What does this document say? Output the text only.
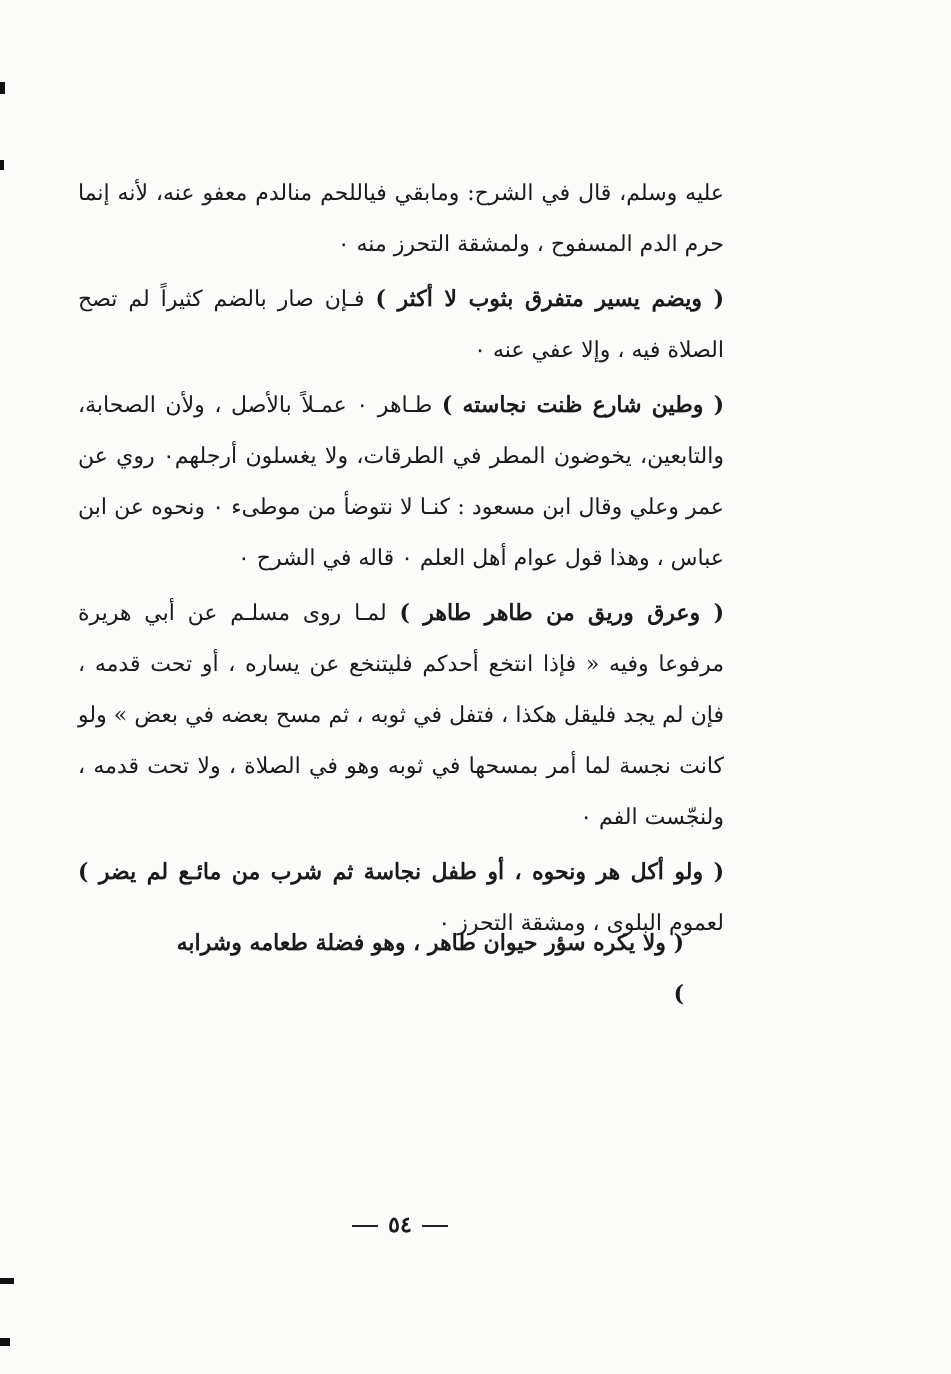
عليه وسلم، قال في الشرح: ومابقي فياللحم منالدم معفو عنه، لأنه إنما حرم الدم المسفوح ، ولمشقة التحرز منه ٠

( ويضم يسير متفرق بثوب لا أكثر ) فـإن صار بالضم كثيراً لم تصح الصلاة فيه ، وإلا عفي عنه ٠

( وطين شارع ظنت نجاسته ) طـاهر ٠ عمـلاً بالأصل ، ولأن الصحابة، والتابعين، يخوضون المطر في الطرقات، ولا يغسلون أرجلهم٠ روي عن عمر وعلي وقال ابن مسعود : كنـا لا نتوضأ من موطىء ٠ ونحوه عن ابن عباس ، وهذا قول عوام أهل العلم ٠ قاله في الشرح ٠

( وعرق وريق من طاهر طاهر ) لمـا روى مسلـم عن أبي هريرة مرفوعا وفيه « فإذا انتخع أحدكم فليتنخع عن يساره ، أو تحت قدمه ، فإن لم يجد فليقل هكذا ، فتفل في ثوبه ، ثم مسح بعضه في بعض » ولو كانت نجسة لما أمر بمسحها في ثوبه وهو في الصلاة ، ولا تحت قدمه ، ولنجّست الفم ٠

( ولو أكل هر ونحوه ، أو طفل نجاسة ثم شرب من مائـع لم يضر ) لعموم البلوى ، ومشقة التحرز ٠

( ولا يكره سؤر حيوان طاهر ، وهو فضلة طعامه وشرابه )
٥٤
